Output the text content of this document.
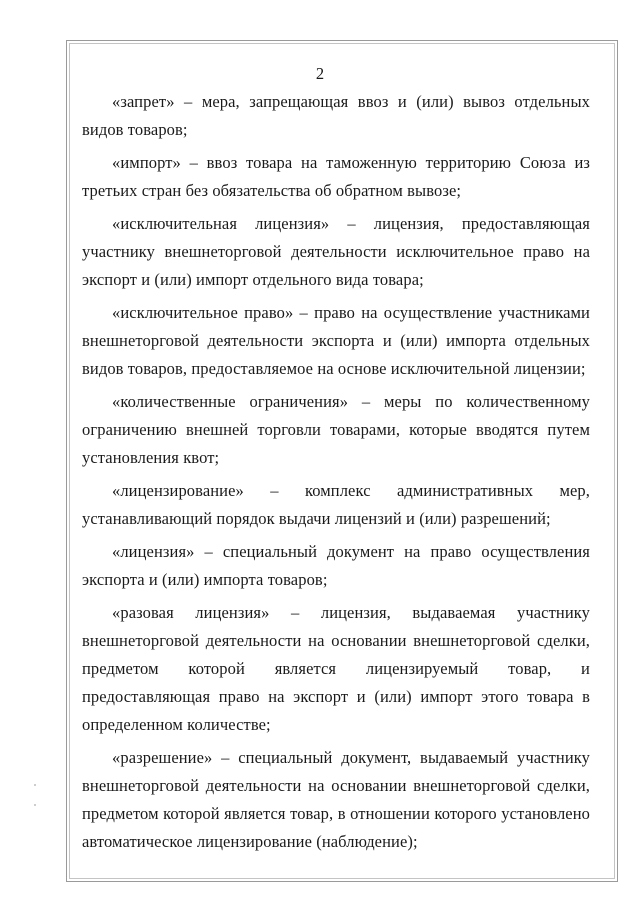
2

«запрет» – мера, запрещающая ввоз и (или) вывоз отдельных видов товаров;

«импорт» – ввоз товара на таможенную территорию Союза из третьих стран без обязательства об обратном вывозе;

«исключительная лицензия» – лицензия, предоставляющая участнику внешнеторговой деятельности исключительное право на экспорт и (или) импорт отдельного вида товара;

«исключительное право» – право на осуществление участниками внешнеторговой деятельности экспорта и (или) импорта отдельных видов товаров, предоставляемое на основе исключительной лицензии;

«количественные ограничения» – меры по количественному ограничению внешней торговли товарами, которые вводятся путем установления квот;

«лицензирование» – комплекс административных мер, устанавливающий порядок выдачи лицензий и (или) разрешений;

«лицензия» – специальный документ на право осуществления экспорта и (или) импорта товаров;

«разовая лицензия» – лицензия, выдаваемая участнику внешнеторговой деятельности на основании внешнеторговой сделки, предметом которой является лицензируемый товар, и предоставляющая право на экспорт и (или) импорт этого товара в определенном количестве;

«разрешение» – специальный документ, выдаваемый участнику внешнеторговой деятельности на основании внешнеторговой сделки, предметом которой является товар, в отношении которого установлено автоматическое лицензирование (наблюдение);
